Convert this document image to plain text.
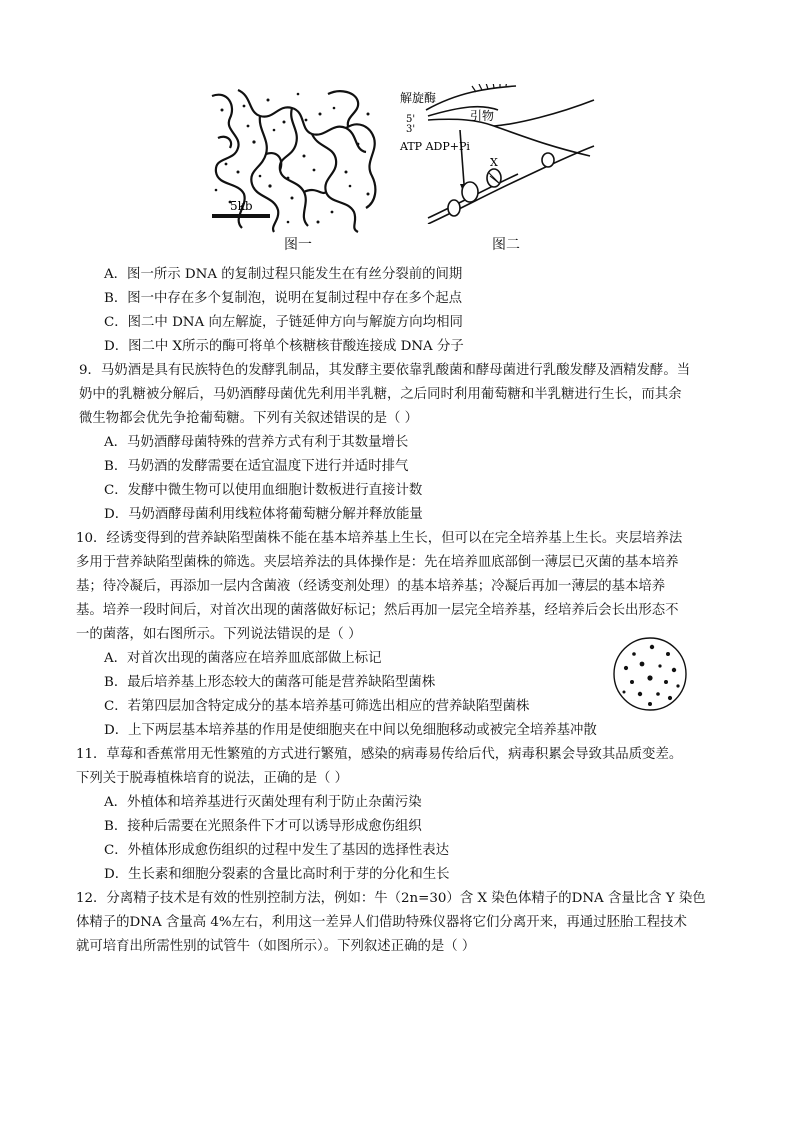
5kb
解旋酶
5'
3'
引物
ATP ADP+Pi
X
图一	图二
A．图一所示 DNA 的复制过程只能发生在有丝分裂前的间期
B．图一中存在多个复制泡，说明在复制过程中存在多个起点
C．图二中 DNA 向左解旋，子链延伸方向与解旋方向均相同
D．图二中 X所示的酶可将单个核糖核苷酸连接成 DNA 分子
9．马奶酒是具有民族特色的发酵乳制品，其发酵主要依靠乳酸菌和酵母菌进行乳酸发酵及酒精发酵。当
奶中的乳糖被分解后，马奶酒酵母菌优先利用半乳糖，之后同时利用葡萄糖和半乳糖进行生长，而其余
微生物都会优先争抢葡萄糖。下列有关叙述错误的是（ ）
A．马奶酒酵母菌特殊的营养方式有利于其数量增长
B．马奶酒的发酵需要在适宜温度下进行并适时排气
C．发酵中微生物可以使用血细胞计数板进行直接计数
D．马奶酒酵母菌利用线粒体将葡萄糖分解并释放能量
10．经诱变得到的营养缺陷型菌株不能在基本培养基上生长，但可以在完全培养基上生长。夹层培养法
多用于营养缺陷型菌株的筛选。夹层培养法的具体操作是：先在培养皿底部倒一薄层已灭菌的基本培养
基；待冷凝后，再添加一层内含菌液（经诱变剂处理）的基本培养基；冷凝后再加一薄层的基本培养
基。培养一段时间后，对首次出现的菌落做好标记；然后再加一层完全培养基，经培养后会长出形态不
一的菌落，如右图所示。下列说法错误的是（ ）
A．对首次出现的菌落应在培养皿底部做上标记
B．最后培养基上形态较大的菌落可能是营养缺陷型菌株
C．若第四层加含特定成分的基本培养基可筛选出相应的营养缺陷型菌株
D．上下两层基本培养基的作用是使细胞夹在中间以免细胞移动或被完全培养基冲散
11．草莓和香蕉常用无性繁殖的方式进行繁殖，感染的病毒易传给后代，病毒积累会导致其品质变差。
下列关于脱毒植株培育的说法，正确的是（ ）
A．外植体和培养基进行灭菌处理有利于防止杂菌污染
B．接种后需要在光照条件下才可以诱导形成愈伤组织
C．外植体形成愈伤组织的过程中发生了基因的选择性表达
D．生长素和细胞分裂素的含量比高时利于芽的分化和生长
12．分离精子技术是有效的性别控制方法，例如：牛（2n=30）含 X 染色体精子的DNA 含量比含 Y 染色
体精子的DNA 含量高 4%左右，利用这一差异人们借助特殊仪器将它们分离开来，再通过胚胎工程技术
就可培育出所需性别的试管牛（如图所示）。下列叙述正确的是（ ）
